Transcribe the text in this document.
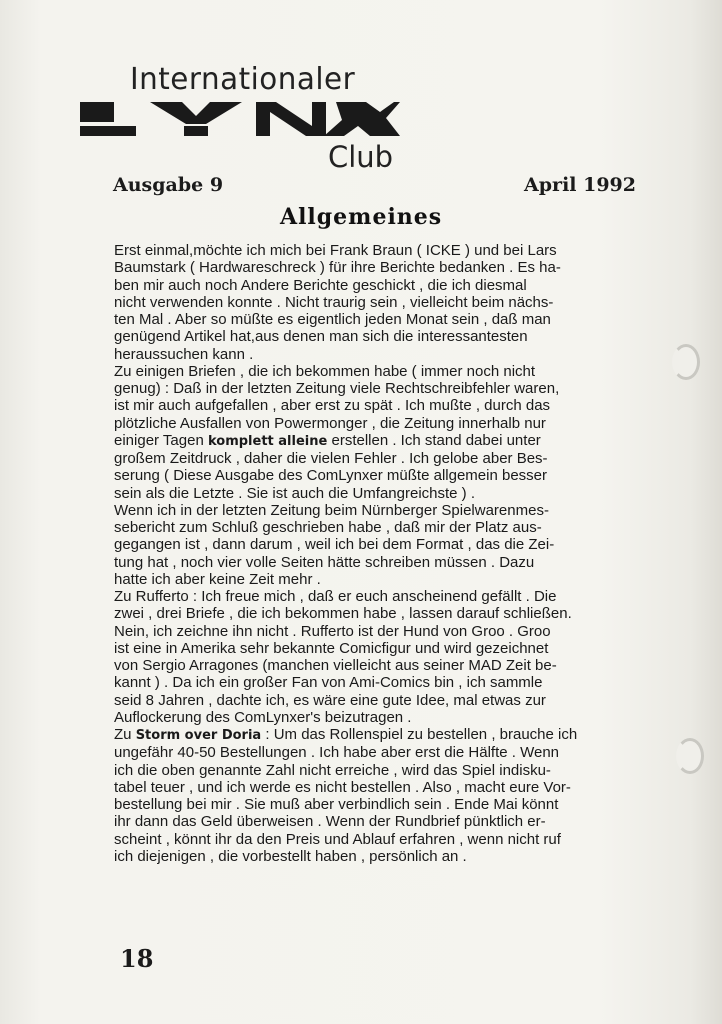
Internationaler
Club
Ausgabe 9	April 1992
Allgemeines
Erst einmal,möchte ich mich bei Frank Braun ( ICKE ) und bei Lars
Baumstark ( Hardwareschreck ) für ihre Berichte bedanken . Es ha-
ben mir auch noch Andere Berichte geschickt , die ich diesmal
nicht verwenden konnte . Nicht traurig sein , vielleicht beim nächs-
ten Mal . Aber so müßte es eigentlich jeden Monat sein , daß man
genügend Artikel hat,aus denen man sich die interessantesten
heraussuchen kann .
Zu einigen Briefen , die ich bekommen habe ( immer noch nicht
genug) : Daß in der letzten Zeitung viele Rechtschreibfehler waren,
ist mir auch aufgefallen , aber erst zu spät . Ich mußte , durch das
plötzliche Ausfallen von Powermonger , die Zeitung innerhalb nur
einiger Tagen komplett alleine erstellen . Ich stand dabei unter
großem Zeitdruck , daher die vielen Fehler . Ich gelobe aber Bes-
serung ( Diese Ausgabe des ComLynxer müßte allgemein besser
sein als die Letzte . Sie ist auch die Umfangreichste ) .
Wenn ich in der letzten Zeitung beim Nürnberger Spielwarenmes-
sebericht zum Schluß geschrieben habe , daß mir der Platz aus-
gegangen ist , dann darum , weil ich bei dem Format , das die Zei-
tung hat , noch vier volle Seiten hätte schreiben müssen . Dazu
hatte ich aber keine Zeit mehr .
Zu Rufferto : Ich freue mich , daß er euch anscheinend gefällt . Die
zwei , drei Briefe , die ich bekommen habe , lassen darauf schließen.
Nein, ich zeichne ihn nicht . Rufferto ist der Hund von Groo . Groo
ist eine in Amerika sehr bekannte Comicfigur und wird gezeichnet
von Sergio Arragones (manchen vielleicht aus seiner MAD Zeit be-
kannt ) . Da ich ein großer Fan von Ami-Comics bin , ich sammle
seid 8 Jahren , dachte ich, es wäre eine gute Idee, mal etwas zur
Auflockerung des ComLynxer's beizutragen .
Zu Storm over Doria : Um das Rollenspiel zu bestellen , brauche ich
ungefähr 40-50 Bestellungen . Ich habe aber erst die Hälfte . Wenn
ich die oben genannte Zahl nicht erreiche , wird das Spiel indisku-
tabel teuer , und ich werde es nicht bestellen . Also , macht eure Vor-
bestellung bei mir . Sie muß aber verbindlich sein . Ende Mai könnt
ihr dann das Geld überweisen . Wenn der Rundbrief pünktlich er-
scheint , könnt ihr da den Preis und Ablauf erfahren , wenn nicht ruf
ich diejenigen , die vorbestellt haben , persönlich an .
18
